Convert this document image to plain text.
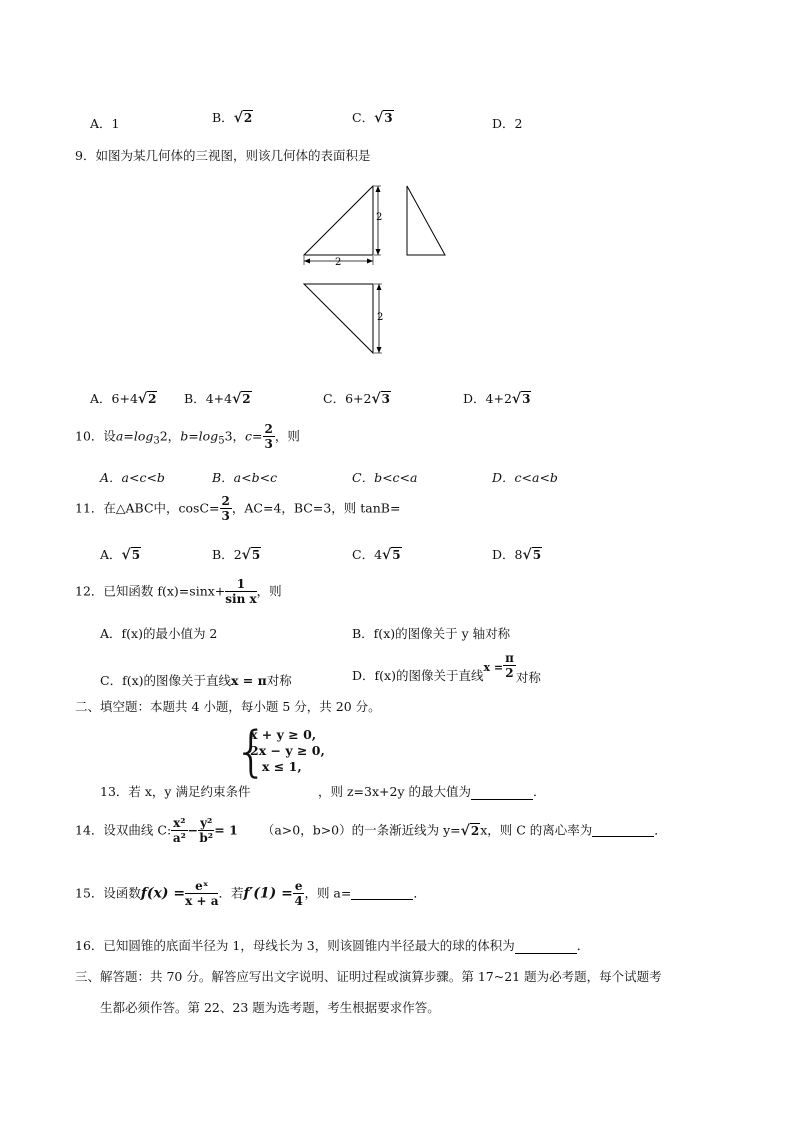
A．1	B．√2	C．√3	D．2
9．如图为某几何体的三视图，则该几何体的表面积是
2
2
2
A．6+4√2 B．4+4√2	C．6+2√3	D．4+2√3
10．设$a=\log_32$，$b=\log_53$，$c= \frac{2}{3}$ ，则
A．a<c<b	B．a<b<c	C．b<c<a	D．c<a<b
11．在△ABC中，$\cos C= \frac{2}{3}$ ，AC=4，BC=3，则 tanB=
A．√5	B．2√5	C．4√5	D．8√5
12．已知函数 $f(x)=\sin x+ \frac{1}{\text{sin x}}$ ，则
A．f(x)的最小值为 2	B．f(x)的图像关于 y 轴对称
C．f(x)的图像关于直线x = π对称	D．f(x)的图像关于直线$x = \frac{\pi}{2}$ 对称
二、填空题：本题共 4 小题，每小题 5 分，共 20 分。
13．若 x，y 满足约束条件
{
x + y ≥ 0,
2x − y ≥ 0,
x ≤ 1,
，则 z=3x+2y 的最大值为	．
14．设双曲线 C: $\frac{\text{x²}}{\text{a²}} - \frac{\text{y²}}{\text{b²}} = 1$ （a>0，b>0）的一条渐近线为 y=√2x，则 C 的离心率为	．
15．设函数$f(x) = \frac{\text{eˣ}}{x + a}$ ．若$f'(1) = \frac{e}{4}$ ，则 a=	．
16．已知圆锥的底面半径为 1，母线长为 3，则该圆锥内半径最大的球的体积为	．
三、解答题：共 70 分。解答应写出文字说明、证明过程或演算步骤。第 17~21 题为必考题，每个试题考
生都必须作答。第 22、23 题为选考题，考生根据要求作答。
